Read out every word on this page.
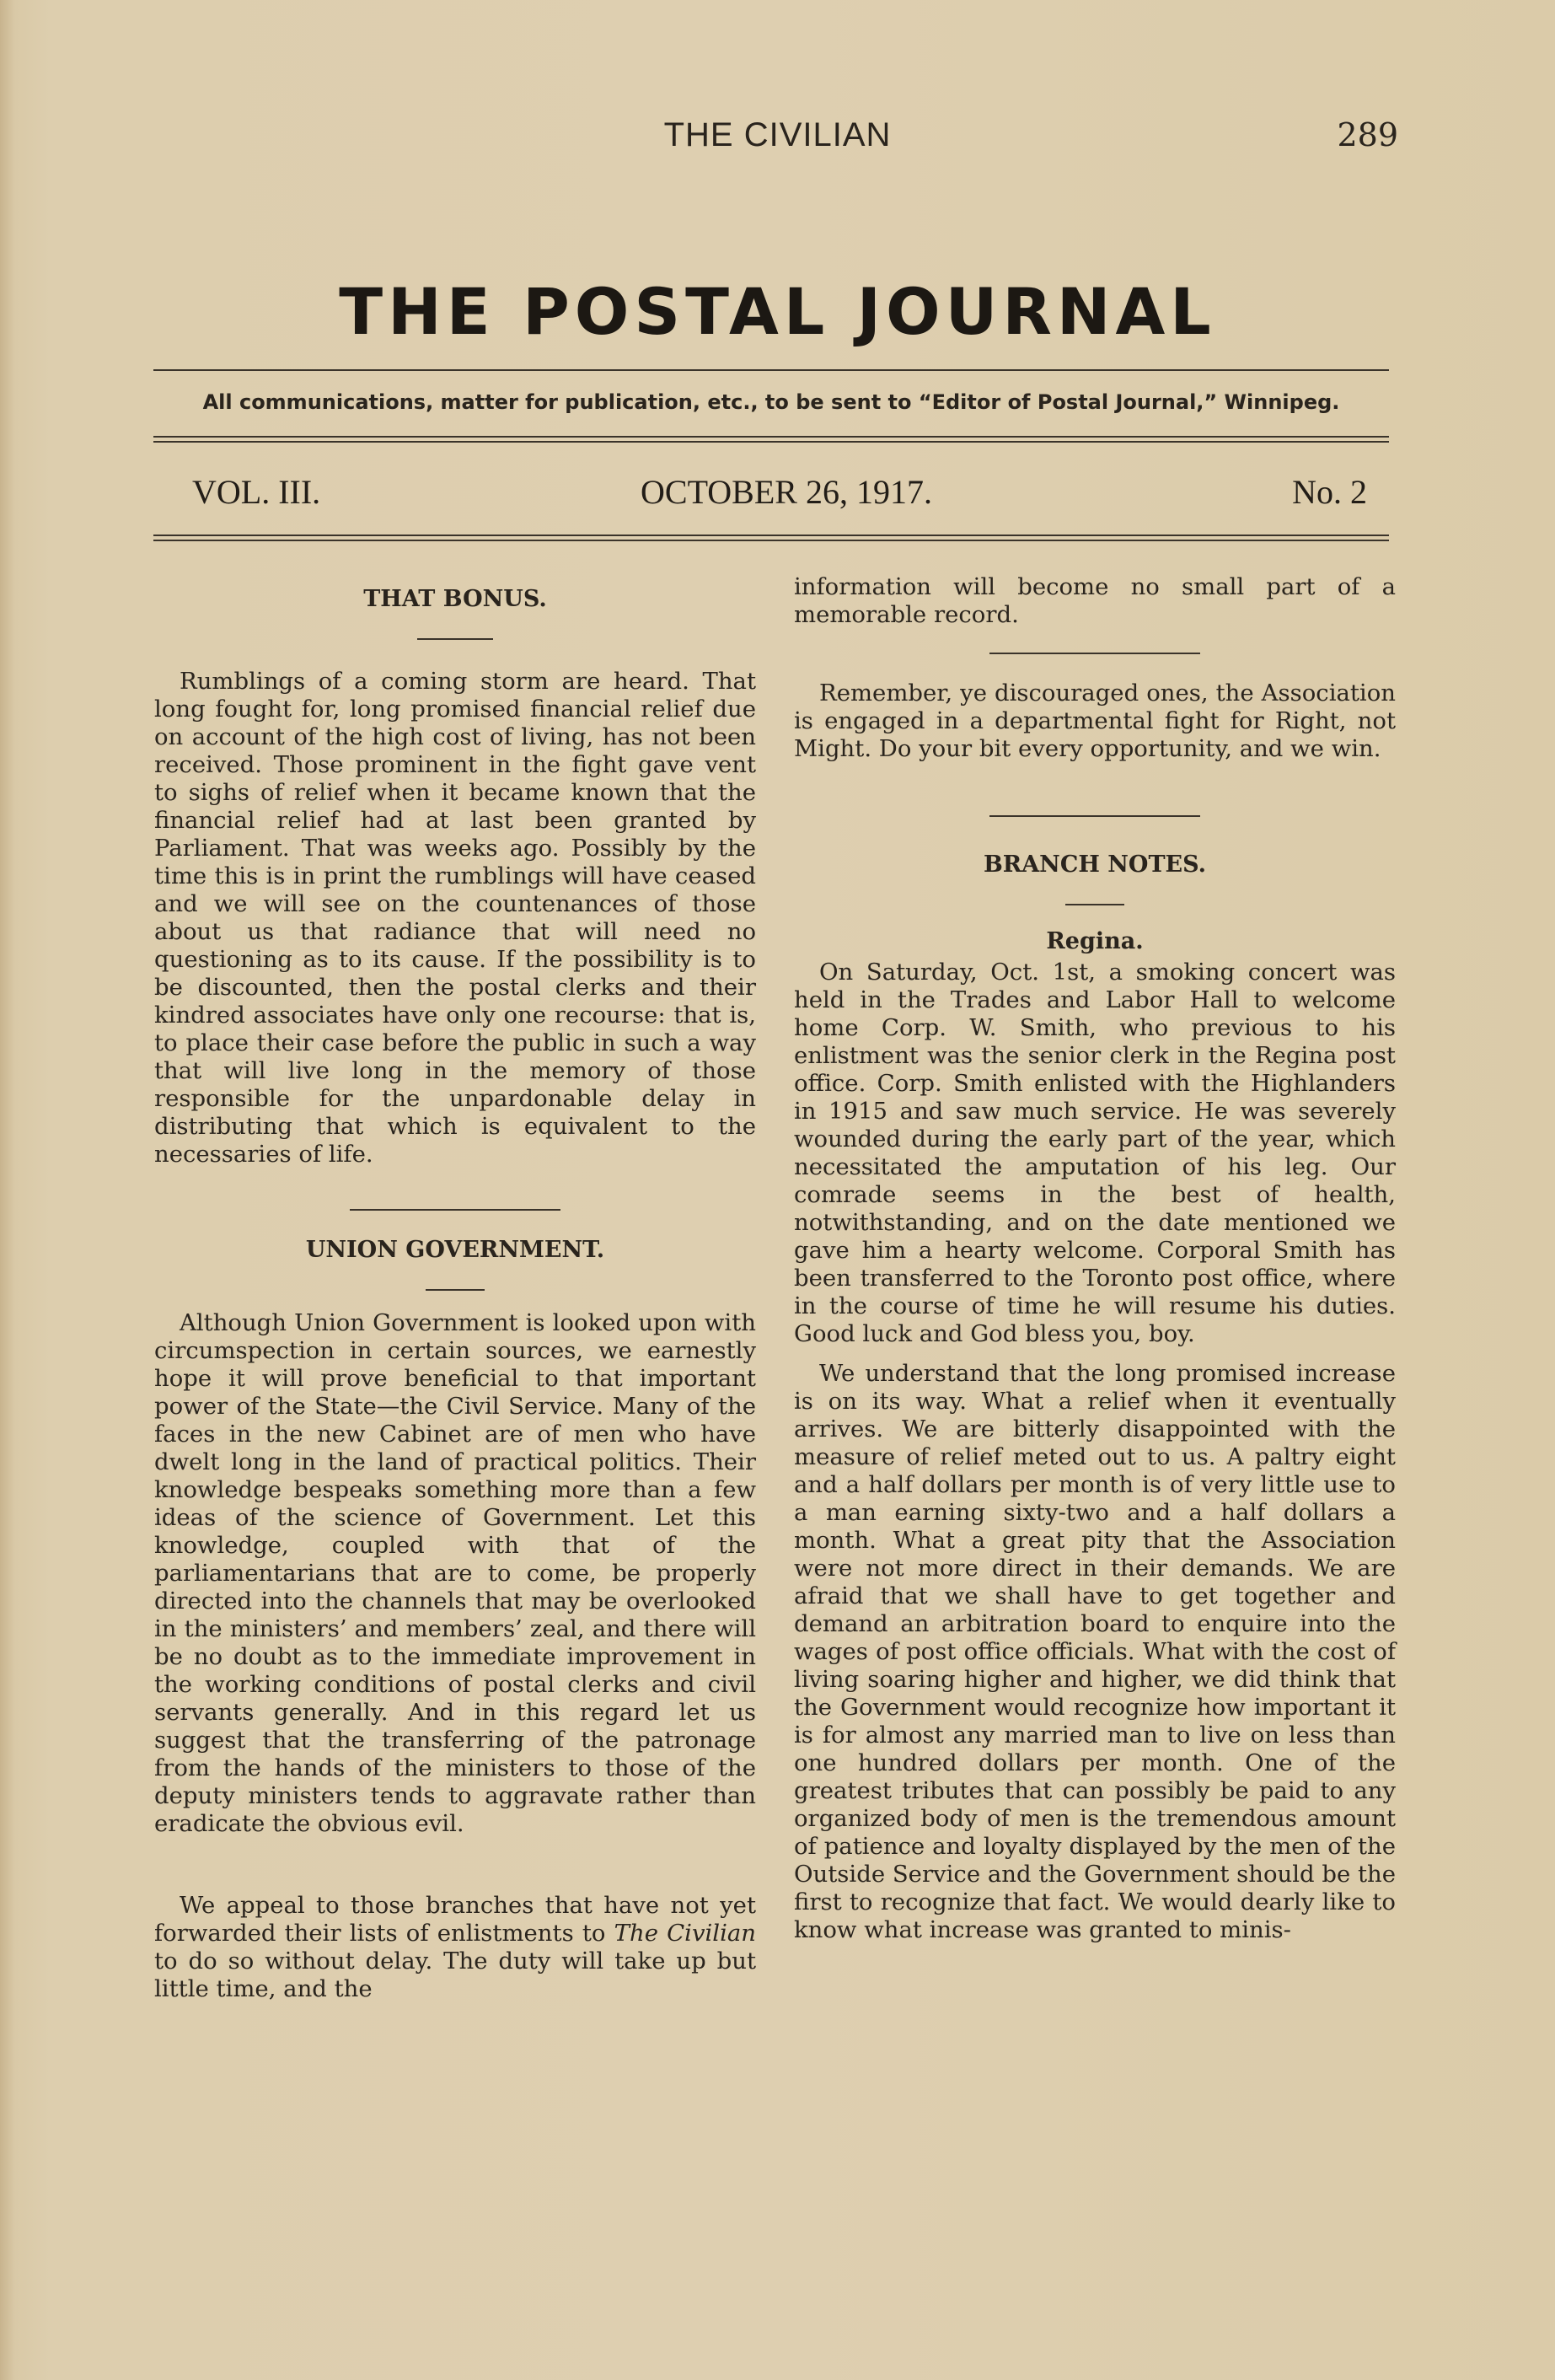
THE CIVILIAN	289
THE POSTAL JOURNAL
All communications, matter for publication, etc., to be sent to “Editor of Postal Journal,” Winnipeg.
VOL. III.	OCTOBER 26, 1917.	No. 2
THAT BONUS.

Rumblings of a coming storm are heard. That long fought for, long promised financial relief due on account of the high cost of living, has not been received. Those prominent in the fight gave vent to sighs of relief when it became known that the financial relief had at last been granted by Parliament. That was weeks ago. Possibly by the time this is in print the rumblings will have ceased and we will see on the countenances of those about us that radiance that will need no questioning as to its cause. If the possibility is to be discounted, then the postal clerks and their kindred associates have only one recourse: that is, to place their case before the public in such a way that will live long in the memory of those responsible for the unpardonable delay in distributing that which is equivalent to the necessaries of life.

UNION GOVERNMENT.

Although Union Government is looked upon with circumspection in certain sources, we earnestly hope it will prove beneficial to that important power of the State—the Civil Service. Many of the faces in the new Cabinet are of men who have dwelt long in the land of practical politics. Their knowledge bespeaks something more than a few ideas of the science of Government. Let this knowledge, coupled with that of the parliamentarians that are to come, be properly directed into the channels that may be overlooked in the ministers’ and members’ zeal, and there will be no doubt as to the immediate improvement in the working conditions of postal clerks and civil servants generally. And in this regard let us suggest that the transferring of the patronage from the hands of the ministers to those of the deputy ministers tends to aggravate rather than eradicate the obvious evil.

We appeal to those branches that have not yet forwarded their lists of enlistments to The Civilian to do so without delay. The duty will take up but little time, and the

information will become no small part of a memorable record.

Remember, ye discouraged ones, the Association is engaged in a departmental fight for Right, not Might. Do your bit every opportunity, and we win.

BRANCH NOTES.
Regina.

On Saturday, Oct. 1st, a smoking concert was held in the Trades and Labor Hall to welcome home Corp. W. Smith, who previous to his enlistment was the senior clerk in the Regina post office. Corp. Smith enlisted with the Highlanders in 1915 and saw much service. He was severely wounded during the early part of the year, which necessitated the amputation of his leg. Our comrade seems in the best of health, notwithstanding, and on the date mentioned we gave him a hearty welcome. Corporal Smith has been transferred to the Toronto post office, where in the course of time he will resume his duties. Good luck and God bless you, boy.

We understand that the long promised increase is on its way. What a relief when it eventually arrives. We are bitterly disappointed with the measure of relief meted out to us. A paltry eight and a half dollars per month is of very little use to a man earning sixty-two and a half dollars a month. What a great pity that the Association were not more direct in their demands. We are afraid that we shall have to get together and demand an arbitration board to enquire into the wages of post office officials. What with the cost of living soaring higher and higher, we did think that the Government would recognize how important it is for almost any married man to live on less than one hundred dollars per month. One of the greatest tributes that can possibly be paid to any organized body of men is the tremendous amount of patience and loyalty displayed by the men of the Outside Service and the Government should be the first to recognize that fact. We would dearly like to know what increase was granted to minis-
